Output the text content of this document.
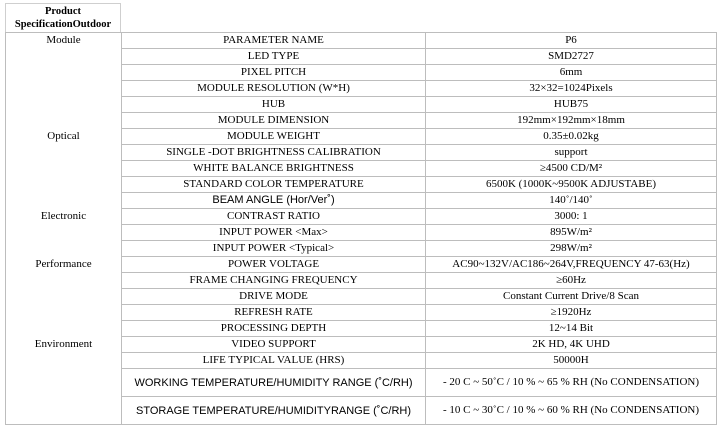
Product
SpecificationOutdoor
Module	PARAMETER NAME	P6
	LED TYPE	SMD2727
	PIXEL PITCH	6mm
	MODULE RESOLUTION (W*H)	32×32=1024Pixels
	HUB	HUB75
	MODULE DIMENSION	192mm×192mm×18mm
Optical	MODULE WEIGHT	0.35±0.02kg
	SINGLE -DOT BRIGHTNESS CALIBRATION	support
	WHITE BALANCE BRIGHTNESS	≥4500 CD/M²
	STANDARD COLOR TEMPERATURE	6500K (1000K~9500K ADJUSTABE)
	BEAM ANGLE (Hor/Ver˚)	140˚/140˚
Electronic	CONTRAST RATIO	3000: 1
	INPUT POWER <Max>	895W/m²
	INPUT POWER <Typical>	298W/m²
Performance	POWER VOLTAGE	AC90~132V/AC186~264V,FREQUENCY 47-63(Hz)
	FRAME CHANGING FREQUENCY	≥60Hz
	DRIVE MODE	Constant Current Drive/8 Scan
	REFRESH RATE	≥1920Hz
	PROCESSING DEPTH	12~14 Bit
Environment	VIDEO SUPPORT	2K HD, 4K UHD
	LIFE TYPICAL VALUE (HRS)	50000H
	WORKING TEMPERATURE/HUMIDITY RANGE (˚C/RH)	- 20 C ~ 50˚C / 10 % ~ 65 % RH (No CONDENSATION)
	STORAGE TEMPERATURE/HUMIDITYRANGE (˚C/RH)	- 10 C ~ 30˚C / 10 % ~ 60 % RH (No CONDENSATION)
